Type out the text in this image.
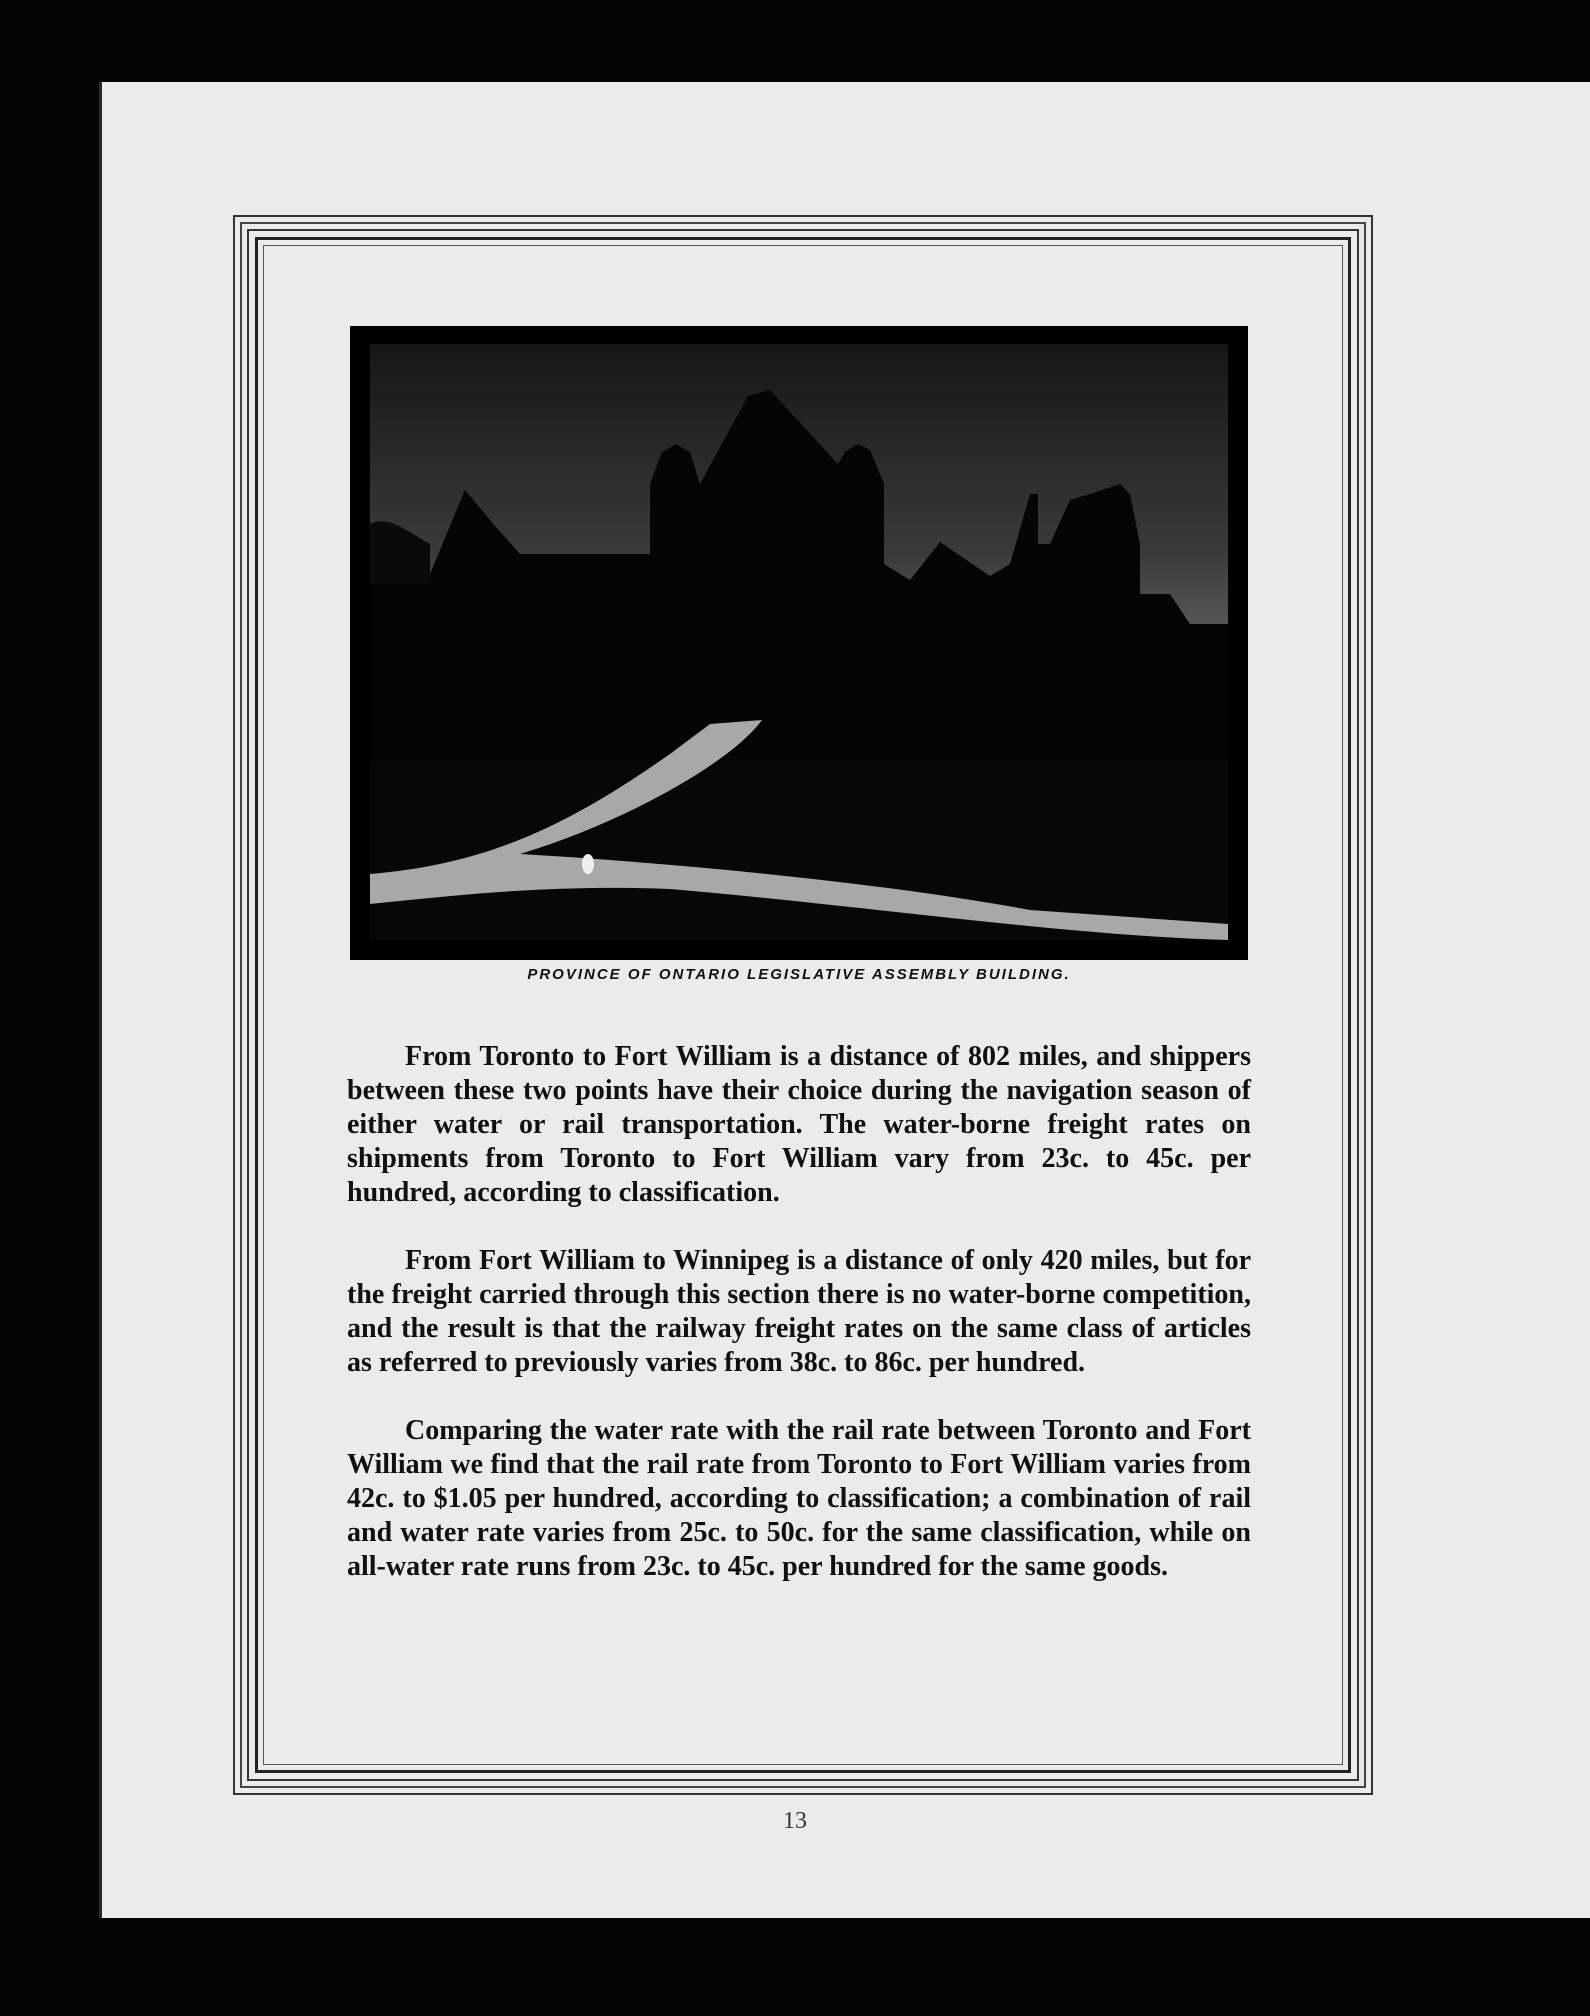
PROVINCE OF ONTARIO LEGISLATIVE ASSEMBLY BUILDING.

From Toronto to Fort William is a distance of 802 miles, and shippers between these two points have their choice during the navigation season of either water or rail transportation. The water-borne freight rates on shipments from Toronto to Fort William vary from 23c. to 45c. per hundred, according to classification.

From Fort William to Winnipeg is a distance of only 420 miles, but for the freight carried through this section there is no water-borne competition, and the result is that the railway freight rates on the same class of articles as referred to previously varies from 38c. to 86c. per hundred.

Comparing the water rate with the rail rate between Toronto and Fort William we find that the rail rate from Toronto to Fort William varies from 42c. to $1.05 per hundred, according to classification; a combination of rail and water rate varies from 25c. to 50c. for the same classification, while on all-water rate runs from 23c. to 45c. per hundred for the same goods.

13
